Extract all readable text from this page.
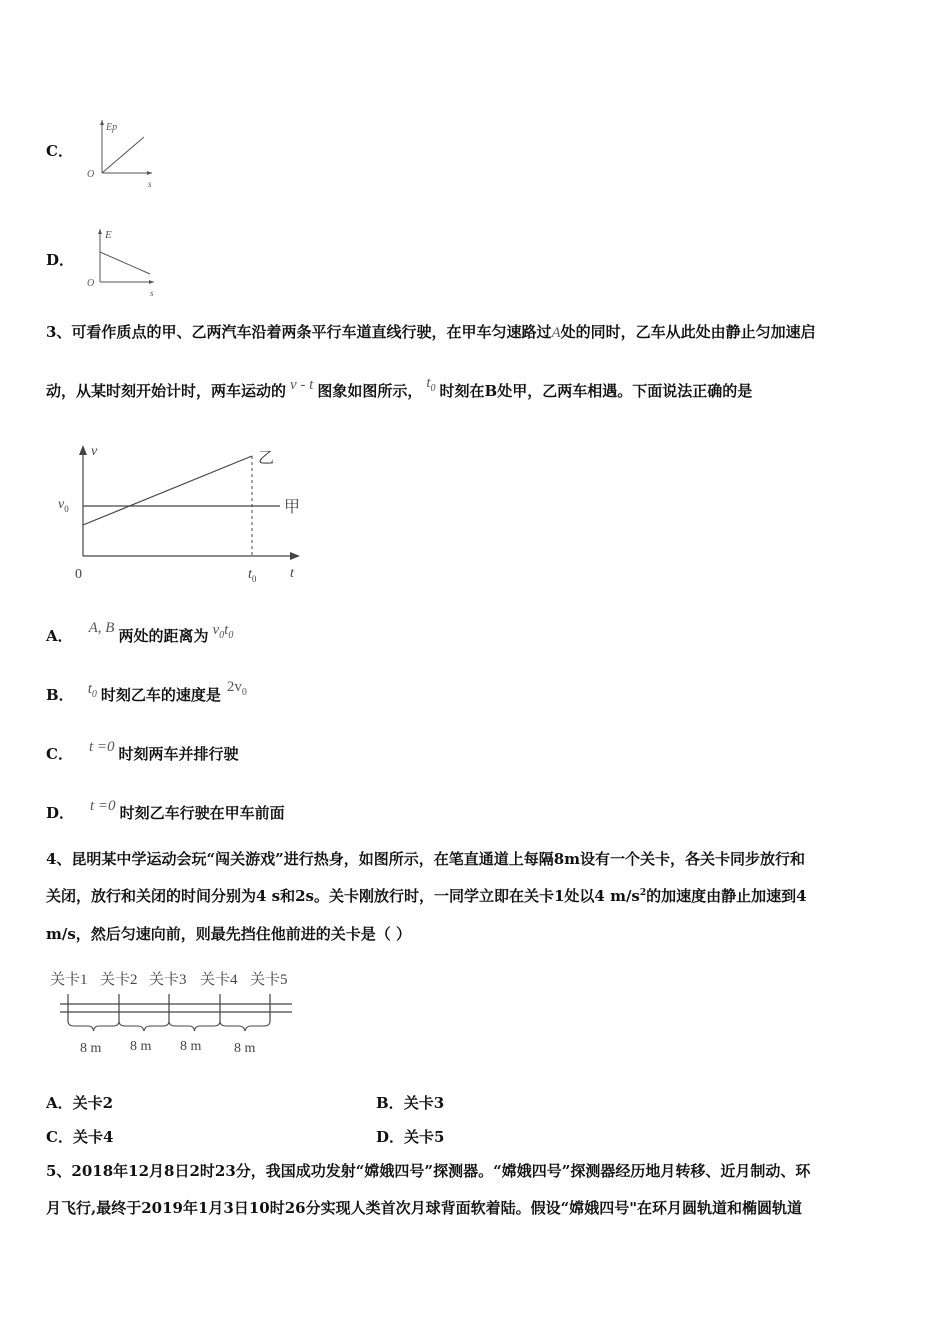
C．
Ep
O
s
D．
E
O
s
3、可看作质点的甲、乙两汽车沿着两条平行车道直线行驶，在甲车匀速路过A处的同时，乙车从此处由静止匀加速启
动，从某时刻开始计时，两车运动的 v - t 图象如图所示， $t_0$ 时刻在B处甲，乙两车相遇。下面说法正确的是
v
t
0
$v_0$
$t_0$
甲
乙
A． A, B 两处的距离为 $v_0t_0$
B． $t_0$ 时刻乙车的速度是 $2v_0$
C． t =0 时刻两车并排行驶
D． t =0 时刻乙车行驶在甲车前面
4、昆明某中学运动会玩“闯关游戏”进行热身，如图所示，在笔直通道上每隔8m设有一个关卡，各关卡同步放行和
关闭，放行和关闭的时间分别为4 s和2s。关卡刚放行时，一同学立即在关卡1处以4 $m/s^2$的加速度由静止加速到4
m/s，然后匀速向前，则最先挡住他前进的关卡是（ ）
关卡1 关卡2 关卡3 关卡4 关卡5
8 m 8 m 8 m 8 m
A．关卡2	B．关卡3
C．关卡4	D．关卡5
5、2018年12月8日2时23分，我国成功发射“嫦娥四号”探测器。“嫦娥四号”探测器经历地月转移、近月制动、环
月飞行,最终于2019年1月3日10时26分实现人类首次月球背面软着陆。假设“嫦娥四号"在环月圆轨道和椭圆轨道
